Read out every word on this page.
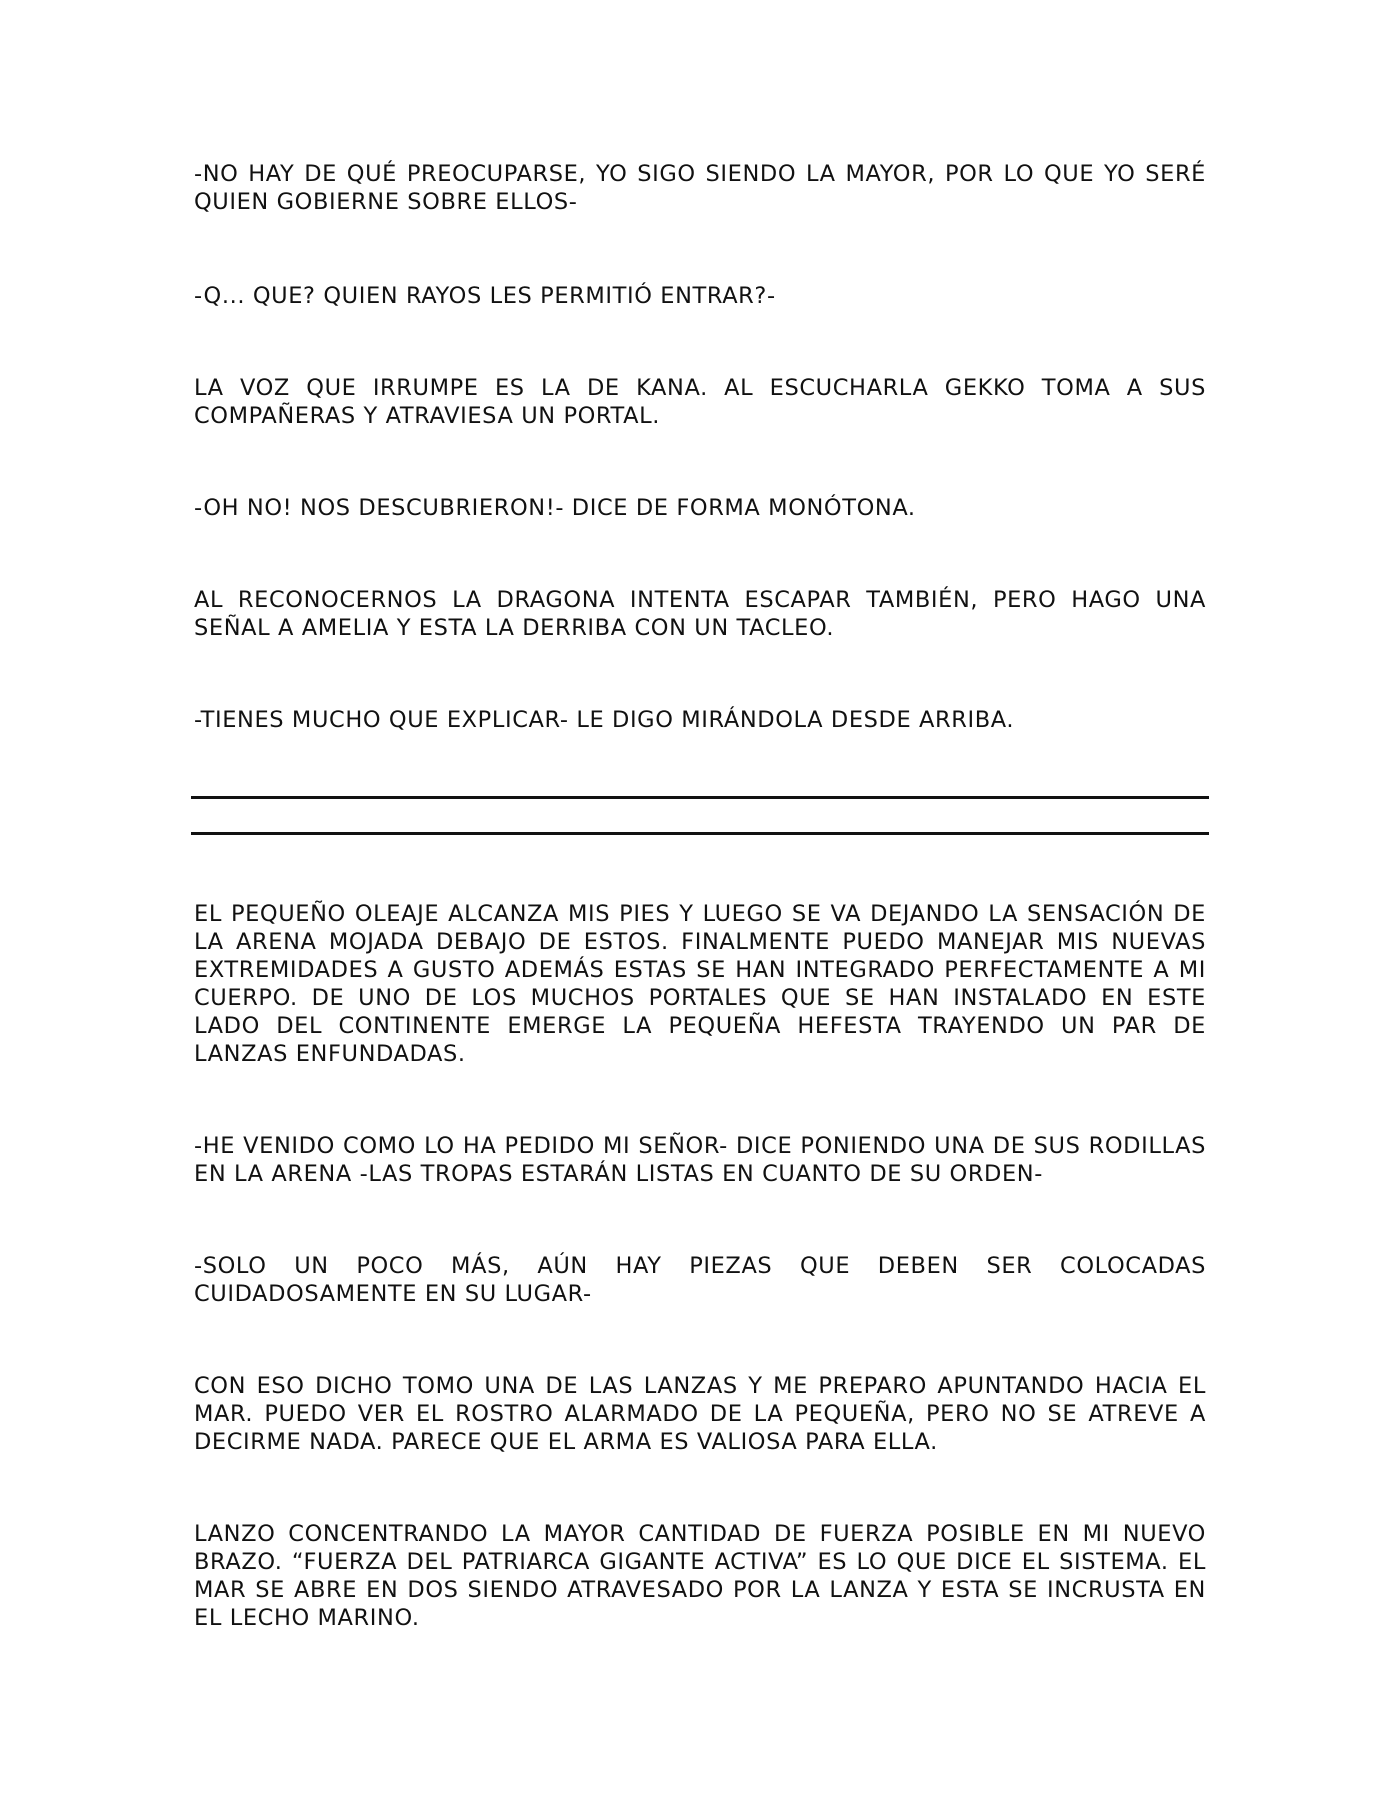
-NO HAY DE QUÉ PREOCUPARSE, YO SIGO SIENDO LA MAYOR, POR LO QUE YO SERÉ QUIEN GOBIERNE SOBRE ELLOS-

-Q... QUE? QUIEN RAYOS LES PERMITIÓ ENTRAR?-

LA VOZ QUE IRRUMPE ES LA DE KANA. AL ESCUCHARLA GEKKO TOMA A SUS COMPAÑERAS Y ATRAVIESA UN PORTAL.

-OH NO! NOS DESCUBRIERON!- DICE DE FORMA MONÓTONA.

AL RECONOCERNOS LA DRAGONA INTENTA ESCAPAR TAMBIÉN, PERO HAGO UNA SEÑAL A AMELIA Y ESTA LA DERRIBA CON UN TACLEO.

-TIENES MUCHO QUE EXPLICAR- LE DIGO MIRÁNDOLA DESDE ARRIBA.

EL PEQUEÑO OLEAJE ALCANZA MIS PIES Y LUEGO SE VA DEJANDO LA SENSACIÓN DE LA ARENA MOJADA DEBAJO DE ESTOS. FINALMENTE PUEDO MANEJAR MIS NUEVAS EXTREMIDADES A GUSTO ADEMÁS ESTAS SE HAN INTEGRADO PERFECTAMENTE A MI CUERPO. DE UNO DE LOS MUCHOS PORTALES QUE SE HAN INSTALADO EN ESTE LADO DEL CONTINENTE EMERGE LA PEQUEÑA HEFESTA TRAYENDO UN PAR DE LANZAS ENFUNDADAS.

-HE VENIDO COMO LO HA PEDIDO MI SEÑOR- DICE PONIENDO UNA DE SUS RODILLAS EN LA ARENA -LAS TROPAS ESTARÁN LISTAS EN CUANTO DE SU ORDEN-

-SOLO UN POCO MÁS, AÚN HAY PIEZAS QUE DEBEN SER COLOCADAS CUIDADOSAMENTE EN SU LUGAR-

CON ESO DICHO TOMO UNA DE LAS LANZAS Y ME PREPARO APUNTANDO HACIA EL MAR. PUEDO VER EL ROSTRO ALARMADO DE LA PEQUEÑA, PERO NO SE ATREVE A DECIRME NADA. PARECE QUE EL ARMA ES VALIOSA PARA ELLA.

LANZO CONCENTRANDO LA MAYOR CANTIDAD DE FUERZA POSIBLE EN MI NUEVO BRAZO. “FUERZA DEL PATRIARCA GIGANTE ACTIVA” ES LO QUE DICE EL SISTEMA. EL MAR SE ABRE EN DOS SIENDO ATRAVESADO POR LA LANZA Y ESTA SE INCRUSTA EN EL LECHO MARINO.
